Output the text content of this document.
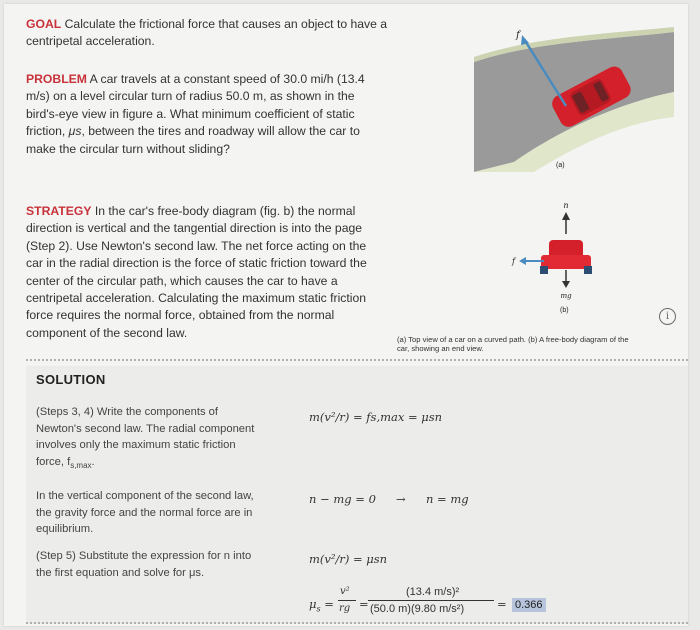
GOAL Calculate the frictional force that causes an object to have a centripetal acceleration.
PROBLEM A car travels at a constant speed of 30.0 mi/h (13.4 m/s) on a level circular turn of radius 50.0 m, as shown in the bird's-eye view in figure a. What minimum coefficient of static friction, μs, between the tires and roadway will allow the car to make the circular turn without sliding?
STRATEGY In the car's free-body diagram (fig. b) the normal direction is vertical and the tangential direction is into the page (Step 2). Use Newton's second law. The net force acting on the car in the radial direction is the force of static friction toward the center of the circular path, which causes the car to have a centripetal acceleration. Calculating the maximum static friction force requires the normal force, obtained from the normal component of the second law.
f
(a)
n
f
mg
(b)
(a) Top view of a car on a curved path. (b) A free-body diagram of the car, showing an end view.
i
SOLUTION
(Steps 3, 4) Write the components of Newton's second law. The radial component involves only the maximum static friction force, $f_{s,max}$.
m(v²/r) = fs,max = μsn
In the vertical component of the second law, the gravity force and the normal force are in equilibrium.
n − mg = 0 → n = mg
(Step 5) Substitute the expression for n into the first equation and solve for μs.
m(v²/r) = μsn
$\mu_s$ =
v²
rg =
(13.4 m/s)²
(50.0 m)(9.80 m/s²)	= 0.366
